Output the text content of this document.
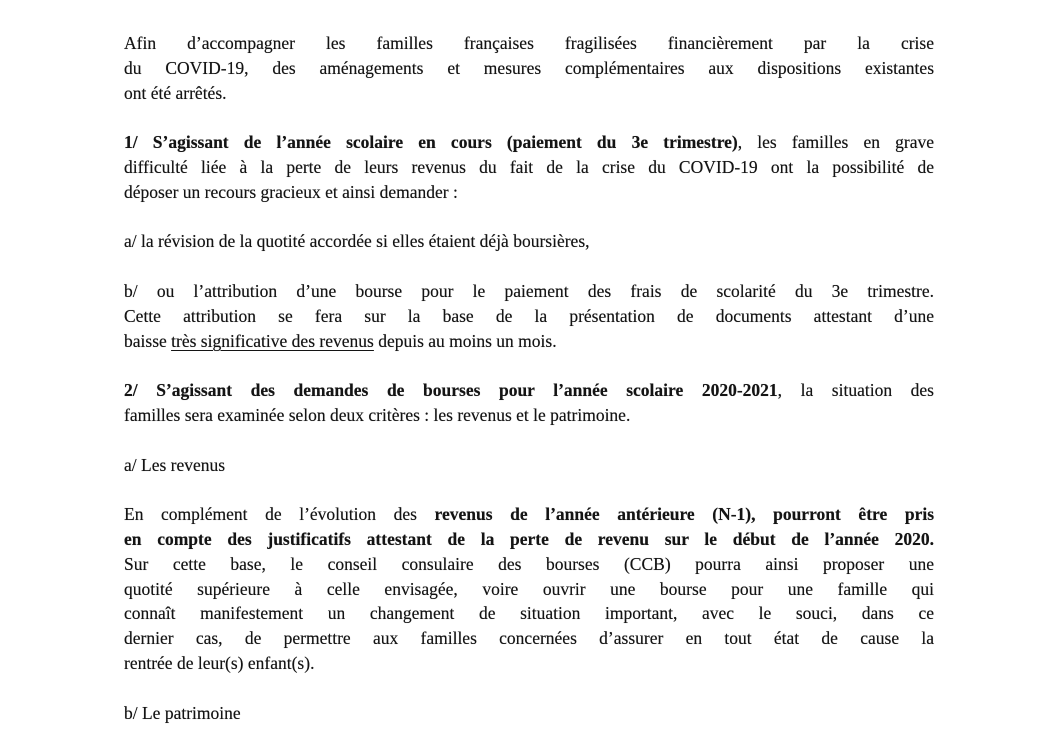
Afin d’accompagner les familles françaises fragilisées financièrement par la crise
du COVID-19, des aménagements et mesures complémentaires aux dispositions existantes
ont été arrêtés.
1/ S’agissant de l’année scolaire en cours (paiement du 3e trimestre), les familles en grave
difficulté liée à la perte de leurs revenus du fait de la crise du COVID-19 ont la possibilité de
déposer un recours gracieux et ainsi demander :
a/ la révision de la quotité accordée si elles étaient déjà boursières,
b/ ou l’attribution d’une bourse pour le paiement des frais de scolarité du 3e trimestre.
Cette attribution se fera sur la base de la présentation de documents attestant d’une
baisse très significative des revenus depuis au moins un mois.
2/ S’agissant des demandes de bourses pour l’année scolaire 2020-2021, la situation des
familles sera examinée selon deux critères : les revenus et le patrimoine.
a/ Les revenus
En complément de l’évolution des revenus de l’année antérieure (N-1), pourront être pris
en compte des justificatifs attestant de la perte de revenu sur le début de l’année 2020.
Sur cette base, le conseil consulaire des bourses (CCB) pourra ainsi proposer une
quotité supérieure à celle envisagée, voire ouvrir une bourse pour une famille qui
connaît manifestement un changement de situation important, avec le souci, dans ce
dernier cas, de permettre aux familles concernées d’assurer en tout état de cause la
rentrée de leur(s) enfant(s).
b/ Le patrimoine
